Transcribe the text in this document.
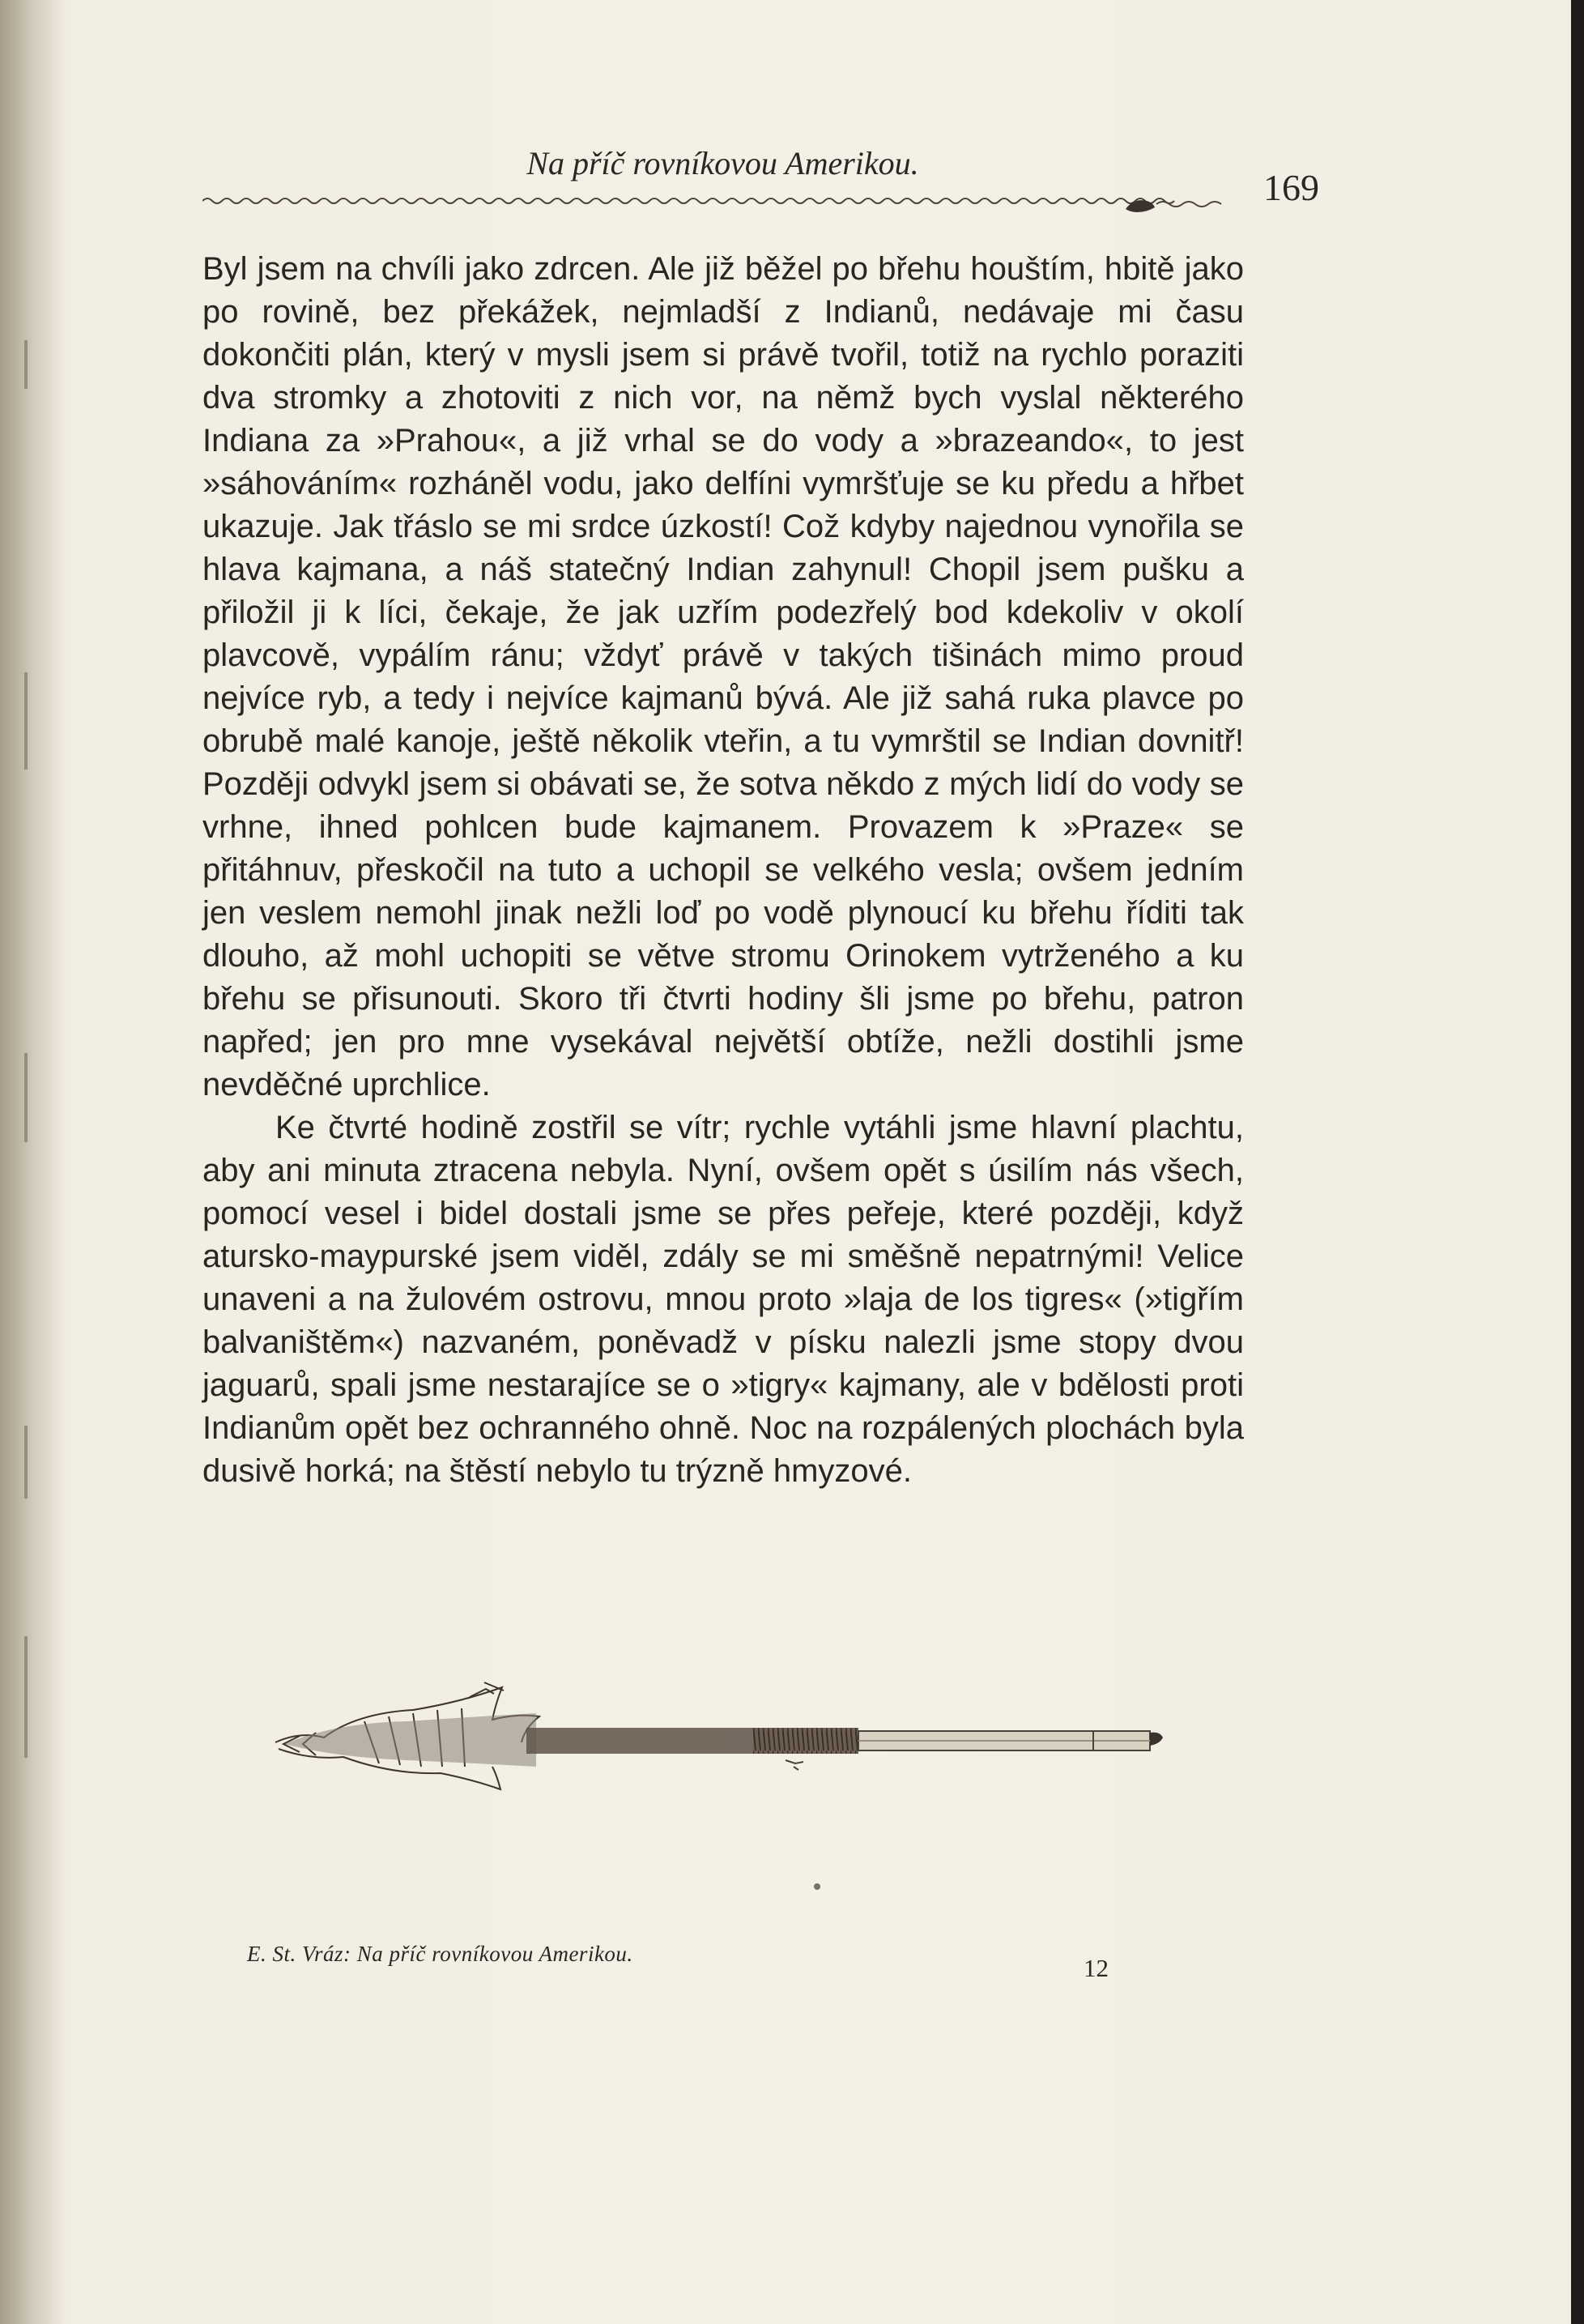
Na příč rovníkovou Amerikou.
169

Byl jsem na chvíli jako zdrcen. Ale již běžel po břehu houštím, hbitě jako po rovině, bez překážek, nejmladší z Indianů, nedávaje mi času dokončiti plán, který v mysli jsem si právě tvořil, totiž na rychlo poraziti dva stromky a zhotoviti z nich vor, na němž bych vyslal některého Indiana za »Prahou«, a již vrhal se do vody a »brazeando«, to jest »sáhováním« rozháněl vodu, jako delfíni vymršťuje se ku předu a hřbet ukazuje. Jak třáslo se mi srdce úzkostí! Což kdyby najednou vynořila se hlava kajmana, a náš statečný Indian zahynul! Chopil jsem pušku a přiložil ji k líci, čekaje, že jak uzřím podezřelý bod kdekoliv v okolí plavcově, vypálím ránu; vždyť právě v takých tišinách mimo proud nejvíce ryb, a tedy i nejvíce kajmanů bývá. Ale již sahá ruka plavce po obrubě malé kanoje, ještě několik vteřin, a tu vymrštil se Indian dovnitř! Později odvykl jsem si obávati se, že sotva někdo z mých lidí do vody se vrhne, ihned pohlcen bude kajmanem. Provazem k »Praze« se přitáhnuv, přeskočil na tuto a uchopil se velkého vesla; ovšem jedním jen veslem nemohl jinak nežli loď po vodě plynoucí ku břehu říditi tak dlouho, až mohl uchopiti se větve stromu Orinokem vytrženého a ku břehu se přisunouti. Skoro tři čtvrti hodiny šli jsme po břehu, patron napřed; jen pro mne vysekával největší obtíže, nežli dostihli jsme nevděčné uprchlice.

Ke čtvrté hodině zostřil se vítr; rychle vytáhli jsme hlavní plachtu, aby ani minuta ztracena nebyla. Nyní, ovšem opět s úsilím nás všech, pomocí vesel i bidel dostali jsme se přes peřeje, které později, když atursko-maypurské jsem viděl, zdály se mi směšně nepatrnými! Velice unaveni a na žulovém ostrovu, mnou proto »laja de los tigres« (»tigřím balvaništěm«) nazvaném, poněvadž v písku nalezli jsme stopy dvou jaguarů, spali jsme nestarajíce se o »tigry« kajmany, ale v bdělosti proti Indianům opět bez ochranného ohně. Noc na rozpálených plochách byla dusivě horká; na štěstí nebylo tu trýzně hmyzové.

E. St. Vráz: Na příč rovníkovou Amerikou.	12
